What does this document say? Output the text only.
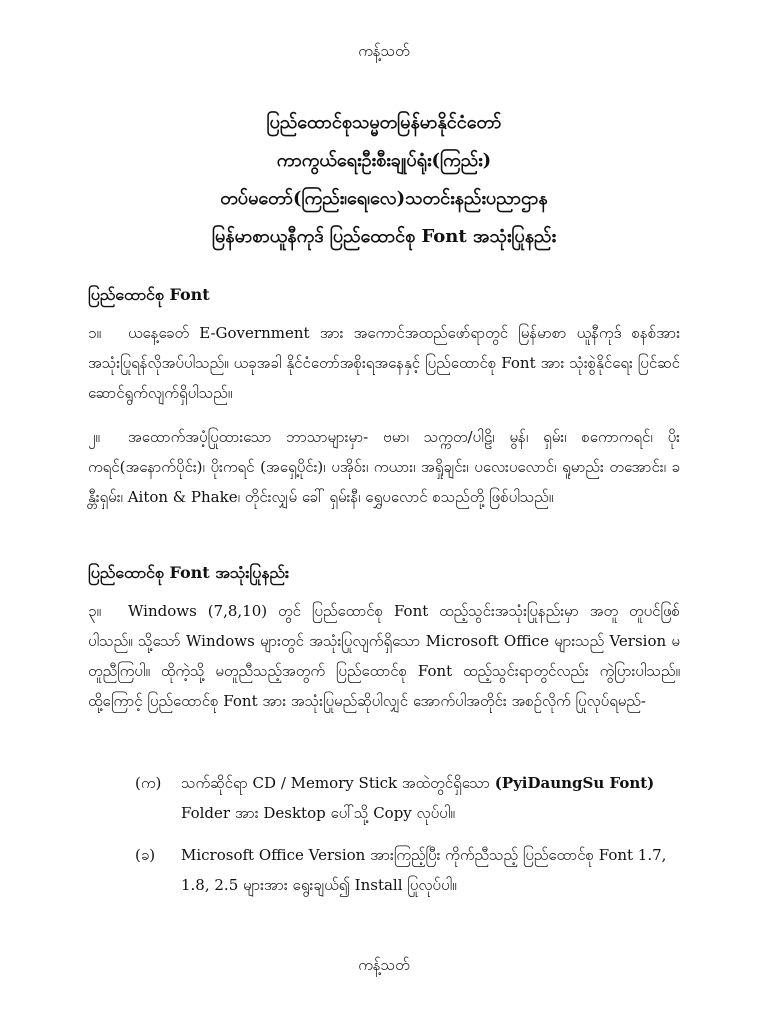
ကန့်သတ်
ပြည်ထောင်စုသမ္မတမြန်မာနိုင်ငံတော်
ကာကွယ်ရေးဦးစီးချုပ်ရုံး(ကြည်း)
တပ်မတော်(ကြည်း၊ရေ၊လေ)သတင်းနည်းပညာဌာန
မြန်မာစာယူနီကုဒ် ပြည်ထောင်စု Font အသုံးပြုနည်း
ပြည်ထောင်စု Font
၁။ ယနေ့ခေတ် E-Government အား အကောင်အထည်ဖော်ရာတွင် မြန်မာစာ ယူနီကုဒ် စနစ်အား အသုံးပြုရန်လိုအပ်ပါသည်။ ယခုအခါ နိုင်ငံတော်အစိုးရအနေနှင့် ပြည်ထောင်စု Font အား သုံးစွဲနိုင်ရေး ပြင်ဆင်ဆောင်ရွက်လျက်ရှိပါသည်။
၂။ အထောက်အပံ့ပြုထားသော ဘာသာများမှာ- ဗမာ၊ သက္ကတ/ပါဠိ၊ မွန်၊ ရှမ်း၊ စကောကရင်၊ ပိုးကရင်(အနောက်ပိုင်း)၊ ပိုးကရင် (အရှေ့ပိုင်း)၊ ပအိုဝ်း၊ ကယား၊ အရှိုချင်း၊ ပလေးပလောင်၊ ရူမာည်း တအောင်း၊ ခန္တီးရှမ်း၊ Aiton & Phake၊ တိုင်းလျှမ် ခေါ် ရှမ်းနီ၊ ရွှေပလောင် စသည်တို့ ဖြစ်ပါသည်။
ပြည်ထောင်စု Font အသုံးပြုနည်း
၃။ Windows (7,8,10) တွင် ပြည်ထောင်စု Font ထည့်သွင်းအသုံးပြုနည်းမှာ အတူ တူပင်ဖြစ်ပါသည်။ သို့သော် Windows များတွင် အသုံးပြုလျက်ရှိသော Microsoft Office များသည် Version မတူညီကြပါ။ ထိုကဲ့သို့ မတူညီသည့်အတွက် ပြည်ထောင်စု Font ထည့်သွင်းရာတွင်လည်း ကွဲပြားပါသည်။ ထို့ကြောင့် ပြည်ထောင်စု Font အား အသုံးပြုမည်ဆိုပါလျှင် အောက်ပါအတိုင်း အစဉ်လိုက် ပြုလုပ်ရမည်-
(က)	သက်ဆိုင်ရာ CD / Memory Stick အထဲတွင်ရှိသော (PyiDaungSu Font) Folder အား Desktop ပေါ်သို့ Copy လုပ်ပါ။
(ခ)	Microsoft Office Version အားကြည့်ပြီး ကိုက်ညီသည့် ပြည်ထောင်စု Font 1.7, 1.8, 2.5 များအား ရွေးချယ်၍ Install ပြုလုပ်ပါ။
ကန့်သတ်
